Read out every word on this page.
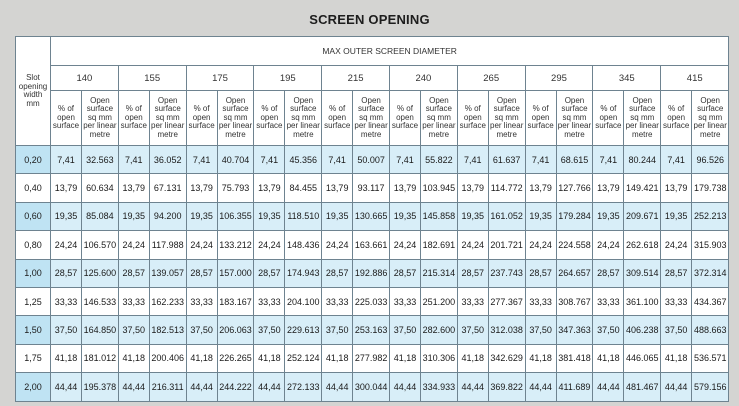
SCREEN OPENING
Slot opening width mm	MAX OUTER SCREEN DIAMETER																			
	140		155		175		195		215		240		265		295		345		415	
	% of open surface	Open surface sq mm per linear metre	% of open surface	Open surface sq mm per linear metre	% of open surface	Open surface sq mm per linear metre	% of open surface	Open surface sq mm per linear metre	% of open surface	Open surface sq mm per linear metre	% of open surface	Open surface sq mm per linear metre	% of open surface	Open surface sq mm per linear metre	% of open surface	Open surface sq mm per linear metre	% of open surface	Open surface sq mm per linear metre	% of open surface	Open surface sq mm per linear metre
0,20	7,41	32.563	7,41	36.052	7,41	40.704	7,41	45.356	7,41	50.007	7,41	55.822	7,41	61.637	7,41	68.615	7,41	80.244	7,41	96.526
0,40	13,79	60.634	13,79	67.131	13,79	75.793	13,79	84.455	13,79	93.117	13,79	103.945	13,79	114.772	13,79	127.766	13,79	149.421	13,79	179.738
0,60	19,35	85.084	19,35	94.200	19,35	106.355	19,35	118.510	19,35	130.665	19,35	145.858	19,35	161.052	19,35	179.284	19,35	209.671	19,35	252.213
0,80	24,24	106.570	24,24	117.988	24,24	133.212	24,24	148.436	24,24	163.661	24,24	182.691	24,24	201.721	24,24	224.558	24,24	262.618	24,24	315.903
1,00	28,57	125.600	28,57	139.057	28,57	157.000	28,57	174.943	28,57	192.886	28,57	215.314	28,57	237.743	28,57	264.657	28,57	309.514	28,57	372.314
1,25	33,33	146.533	33,33	162.233	33,33	183.167	33,33	204.100	33,33	225.033	33,33	251.200	33,33	277.367	33,33	308.767	33,33	361.100	33,33	434.367
1,50	37,50	164.850	37,50	182.513	37,50	206.063	37,50	229.613	37,50	253.163	37,50	282.600	37,50	312.038	37,50	347.363	37,50	406.238	37,50	488.663
1,75	41,18	181.012	41,18	200.406	41,18	226.265	41,18	252.124	41,18	277.982	41,18	310.306	41,18	342.629	41,18	381.418	41,18	446.065	41,18	536.571
2,00	44,44	195.378	44,44	216.311	44,44	244.222	44,44	272.133	44,44	300.044	44,44	334.933	44,44	369.822	44,44	411.689	44,44	481.467	44,44	579.156
